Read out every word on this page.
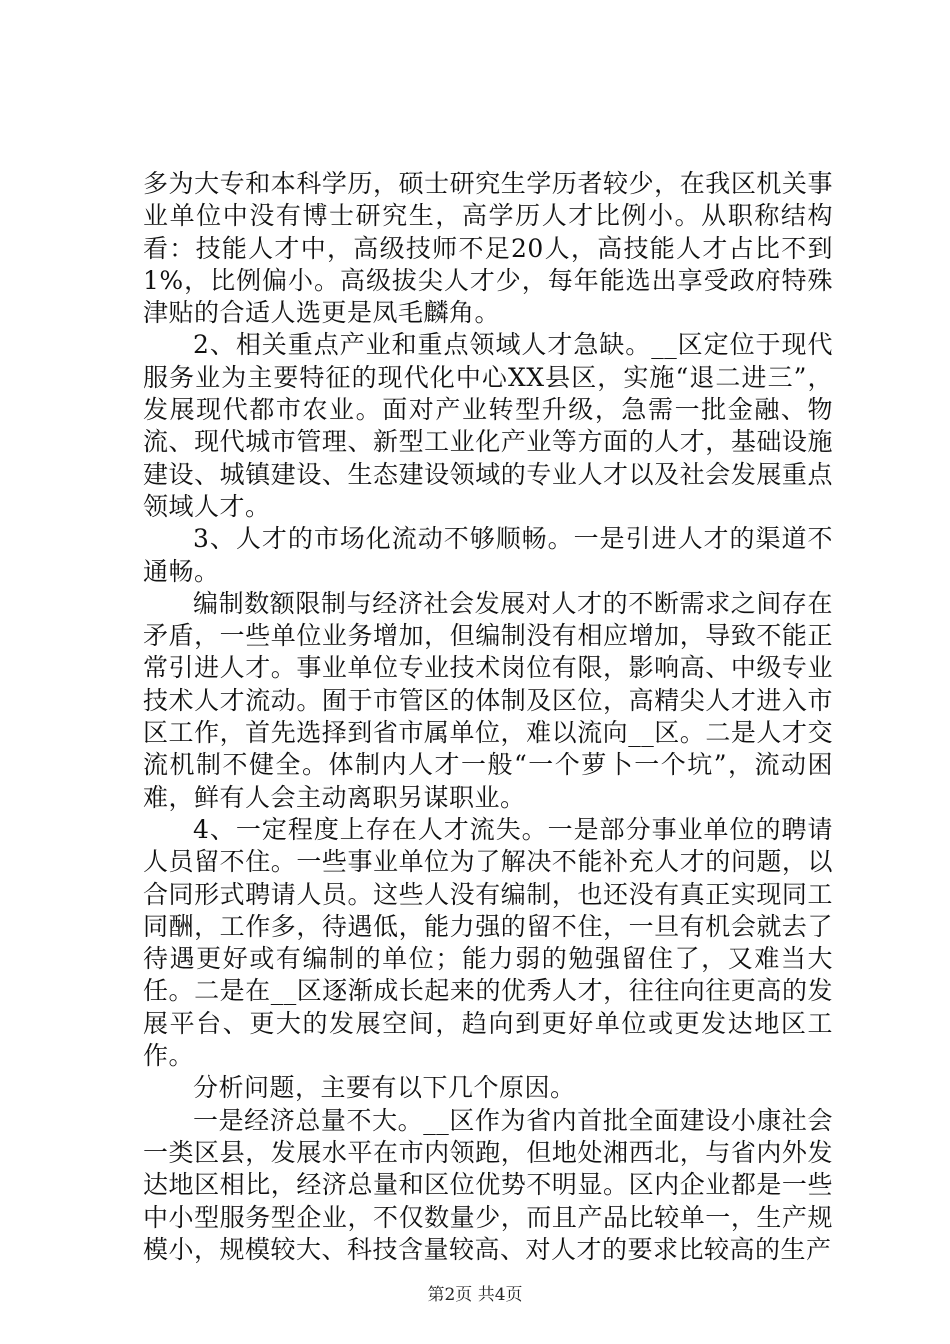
多为大专和本科学历，硕士研究生学历者较少，在我区机关事业单位中没有博士研究生，高学历人才比例小。从职称结构看：技能人才中，高级技师不足20人，高技能人才占比不到1%，比例偏小。高级拔尖人才少，每年能选出享受政府特殊津贴的合适人选更是凤毛麟角。

2、相关重点产业和重点领域人才急缺。__区定位于现代服务业为主要特征的现代化中心XX县区，实施“退二进三”，发展现代都市农业。面对产业转型升级，急需一批金融、物流、现代城市管理、新型工业化产业等方面的人才，基础设施建设、城镇建设、生态建设领域的专业人才以及社会发展重点领域人才。

3、人才的市场化流动不够顺畅。一是引进人才的渠道不通畅。

编制数额限制与经济社会发展对人才的不断需求之间存在矛盾，一些单位业务增加，但编制没有相应增加，导致不能正常引进人才。事业单位专业技术岗位有限，影响高、中级专业技术人才流动。囿于市管区的体制及区位，高精尖人才进入市区工作，首先选择到省市属单位，难以流向__区。二是人才交流机制不健全。体制内人才一般“一个萝卜一个坑”，流动困难，鲜有人会主动离职另谋职业。

4、一定程度上存在人才流失。一是部分事业单位的聘请人员留不住。一些事业单位为了解决不能补充人才的问题，以合同形式聘请人员。这些人没有编制，也还没有真正实现同工同酬，工作多，待遇低，能力强的留不住，一旦有机会就去了待遇更好或有编制的单位；能力弱的勉强留住了，又难当大任。二是在__区逐渐成长起来的优秀人才，往往向往更高的发展平台、更大的发展空间，趋向到更好单位或更发达地区工作。

分析问题，主要有以下几个原因。

一是经济总量不大。__区作为省内首批全面建设小康社会一类区县，发展水平在市内领跑，但地处湘西北，与省内外发达地区相比，经济总量和区位优势不明显。区内企业都是一些中小型服务型企业，不仅数量少，而且产品比较单一，生产规模小，规模较大、科技含量较高、对人才的要求比较高的生产

第2页 共4页
